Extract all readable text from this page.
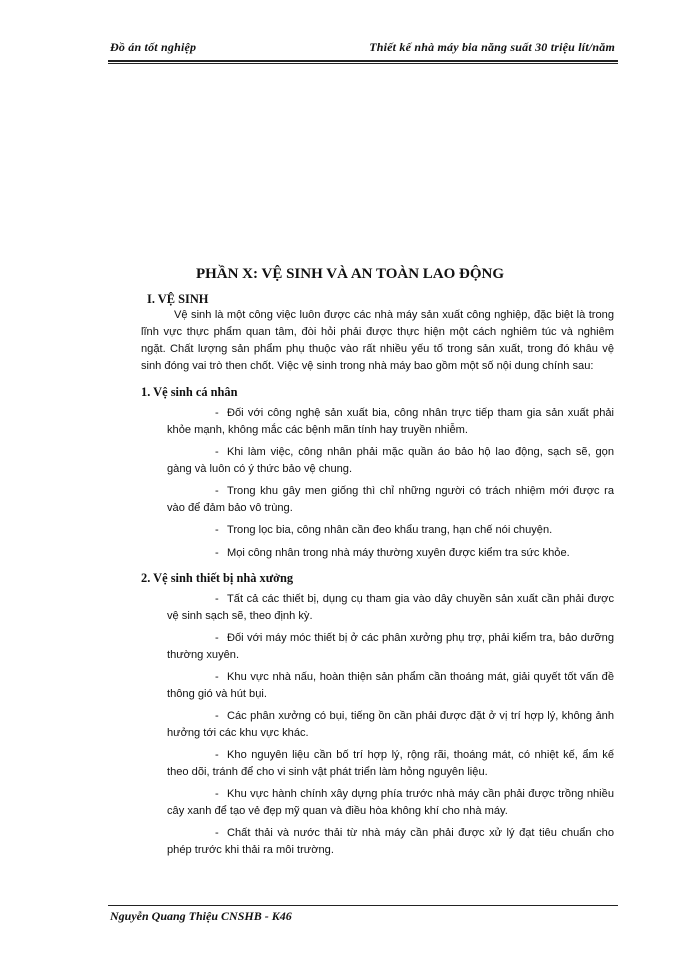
Đồ án tốt nghiệp	Thiết kế nhà máy bia năng suất 30 triệu lít/năm
PHẦN X: VỆ SINH VÀ AN TOÀN LAO ĐỘNG
I. VỆ SINH

Vệ sinh là một công việc luôn được các nhà máy sản xuất công nghiệp, đặc biệt là trong lĩnh vực thực phẩm quan tâm, đòi hỏi phải được thực hiện một cách nghiêm túc và nghiêm ngặt. Chất lượng sản phẩm phụ thuộc vào rất nhiều yếu tố trong sản xuất, trong đó khâu vệ sinh đóng vai trò then chốt. Việc vệ sinh trong nhà máy bao gồm một số nội dung chính sau:

1. Vệ sinh cá nhân
- Đối với công nghệ sản xuất bia, công nhân trực tiếp tham gia sản xuất phải khỏe mạnh, không mắc các bệnh mãn tính hay truyền nhiễm.
- Khi làm việc, công nhân phải mặc quần áo bảo hộ lao động, sạch sẽ, gọn gàng và luôn có ý thức bảo vệ chung.
- Trong khu gây men giống thì chỉ những người có trách nhiệm mới được ra vào để đảm bảo vô trùng.
- Trong lọc bia, công nhân cần đeo khẩu trang, hạn chế nói chuyện.
- Mọi công nhân trong nhà máy thường xuyên được kiểm tra sức khỏe.
2. Vệ sinh thiết bị nhà xưởng
- Tất cả các thiết bị, dụng cụ tham gia vào dây chuyền sản xuất cần phải được vệ sinh sạch sẽ, theo định kỳ.
- Đối với máy móc thiết bị ở các phân xưởng phụ trợ, phải kiểm tra, bảo dưỡng thường xuyên.
- Khu vực nhà nấu, hoàn thiện sản phẩm cần thoáng mát, giải quyết tốt vấn đề thông gió và hút bụi.
- Các phân xưởng có bụi, tiếng ồn cần phải được đặt ở vị trí hợp lý, không ảnh hưởng tới các khu vực khác.
- Kho nguyên liệu cần bố trí hợp lý, rộng rãi, thoáng mát, có nhiệt kế, ẩm kế theo dõi, tránh để cho vi sinh vật phát triển làm hỏng nguyên liệu.
- Khu vực hành chính xây dựng phía trước nhà máy cần phải được trồng nhiều cây xanh để tạo vẻ đẹp mỹ quan và điều hòa không khí cho nhà máy.
- Chất thải và nước thải từ nhà máy cần phải được xử lý đạt tiêu chuẩn cho phép trước khi thải ra môi trường.
Nguyễn Quang Thiệu CNSHB - K46
